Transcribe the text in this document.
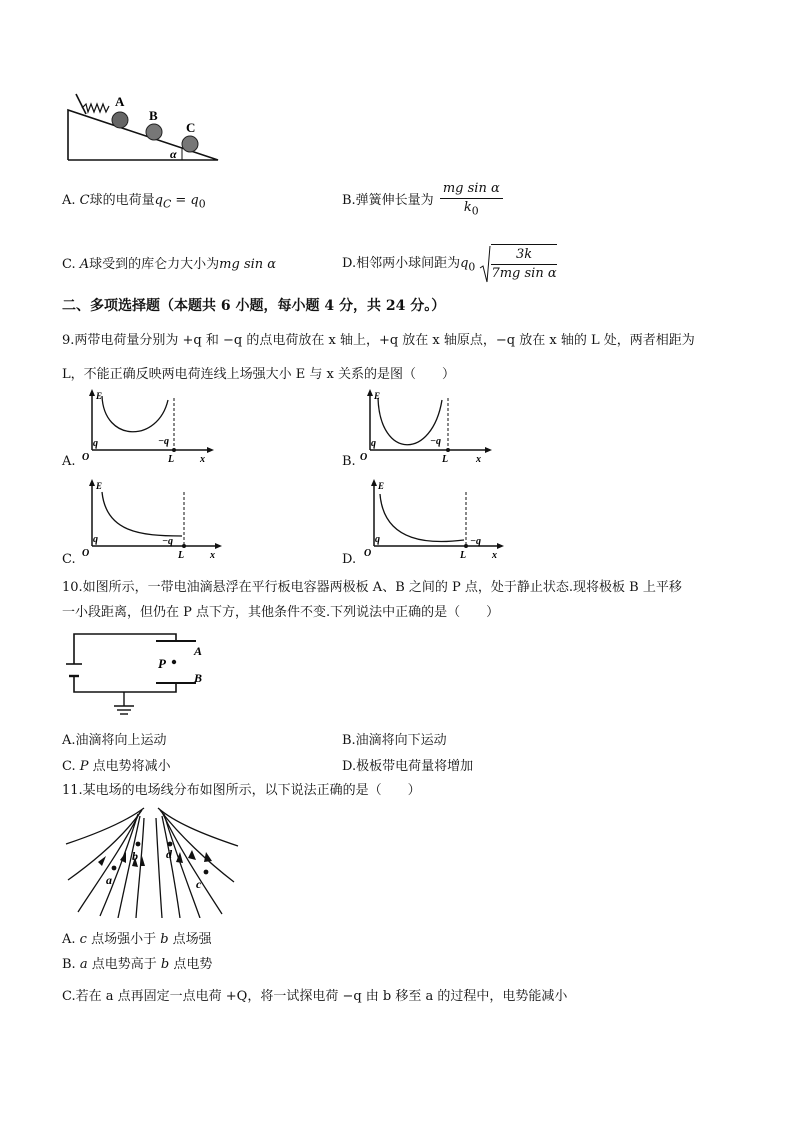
A
B
C
α
A. C球的电荷量$q_C = q_0$	B.弹簧伸长量为 $\frac{\text{mg sin α}}{k_0}$
C. A球受到的库仑力大小为mg sin α	D.相邻两小球间距为$q_0 \frac{3k}{\text{7mg sin α}}$
二、多项选择题（本题共 6 小题，每小题 4 分，共 24 分。）
9.两带电荷量分别为 +q 和 −q 的点电荷放在 x 轴上，+q 放在 x 轴原点，−q 放在 x 轴的 L 处，两者相距为
L，不能正确反映两电荷连线上场强大小 E 与 x 关系的是图（　　）
A.
E
q	−q
O	L	x	B.
E
q	−q
O	L	x
C.
E
q	−q
O	L	x	D.
E
q	−q
O	L	x
10.如图所示，一带电油滴悬浮在平行板电容器两极板 A、B 之间的 P 点，处于静止状态.现将极板 B 上平移
一小段距离，但仍在 P 点下方，其他条件不变.下列说法中正确的是（　　）
P
A
B
A.油滴将向上运动	B.油滴将向下运动
C. P 点电势将减小	D.极板带电荷量将增加
11.某电场的电场线分布如图所示，以下说法正确的是（　　）
a
b
c
d
A. c 点场强小于 b 点场强
B. a 点电势高于 b 点电势
C.若在 a 点再固定一点电荷 +Q，将一试探电荷 −q 由 b 移至 a 的过程中，电势能减小
